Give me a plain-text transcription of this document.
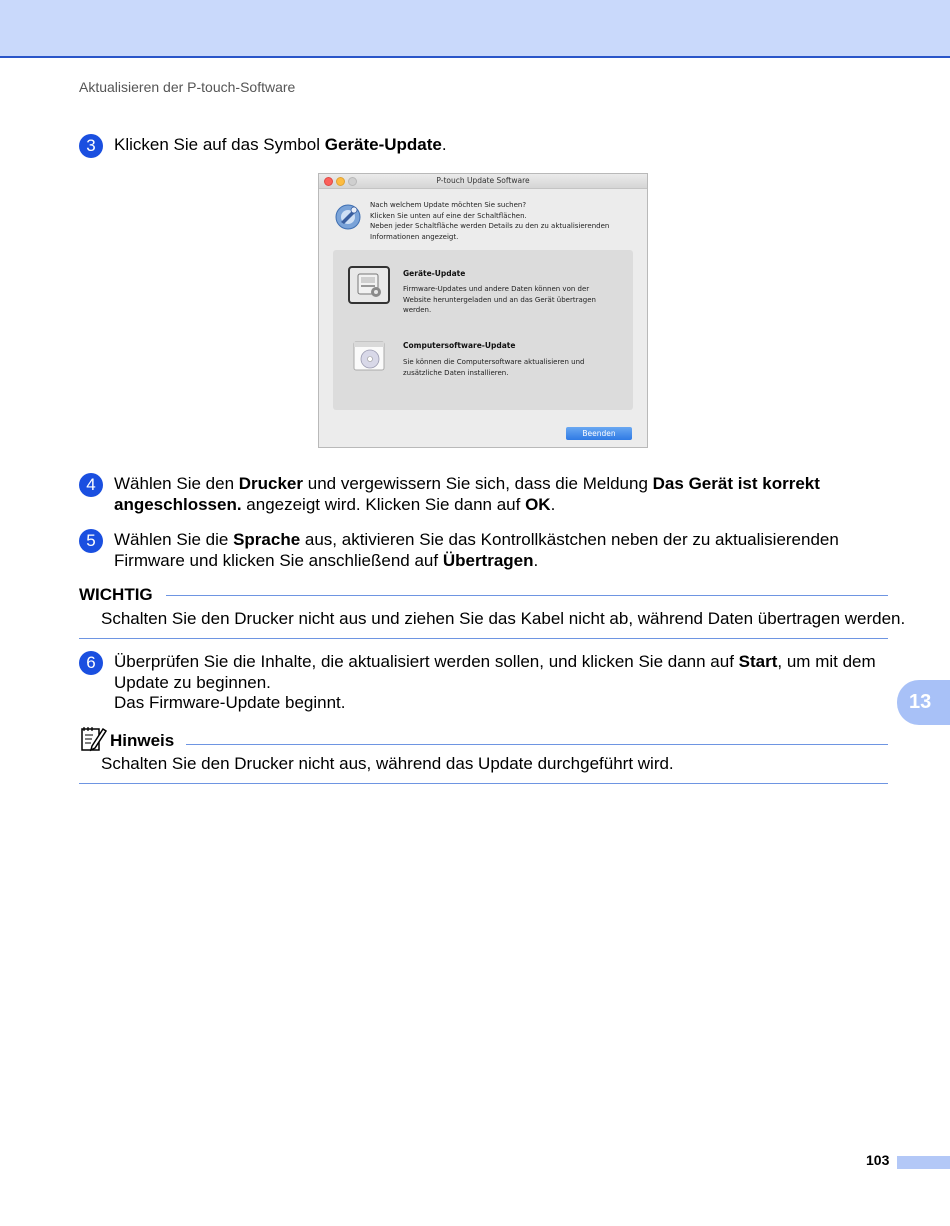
Aktualisieren der P-touch-Software
3	Klicken Sie auf das Symbol Geräte-Update.

P-touch Update Software

Nach welchem Update möchten Sie suchen?

Klicken Sie unten auf eine der Schaltflächen.

Neben jeder Schaltfläche werden Details zu den zu aktualisierenden

Informationen angezeigt.

Geräte-Update
Firmware-Updates und andere Daten können von der
Website heruntergeladen und an das Gerät übertragen
werden.
Computersoftware-Update
Sie können die Computersoftware aktualisieren und
zusätzliche Daten installieren.
Beenden
4	Wählen Sie den Drucker und vergewissern Sie sich, dass die Meldung Das Gerät ist korrekt

angeschlossen. angezeigt wird. Klicken Sie dann auf OK.

5	Wählen Sie die Sprache aus, aktivieren Sie das Kontrollkästchen neben der zu aktualisierenden

Firmware und klicken Sie anschließend auf Übertragen.

WICHTIG
Schalten Sie den Drucker nicht aus und ziehen Sie das Kabel nicht ab, während Daten übertragen werden.
6	Überprüfen Sie die Inhalte, die aktualisiert werden sollen, und klicken Sie dann auf Start, um mit dem

Update zu beginnen.

Das Firmware-Update beginnt.

Hinweis
Schalten Sie den Drucker nicht aus, während das Update durchgeführt wird.
13
103
